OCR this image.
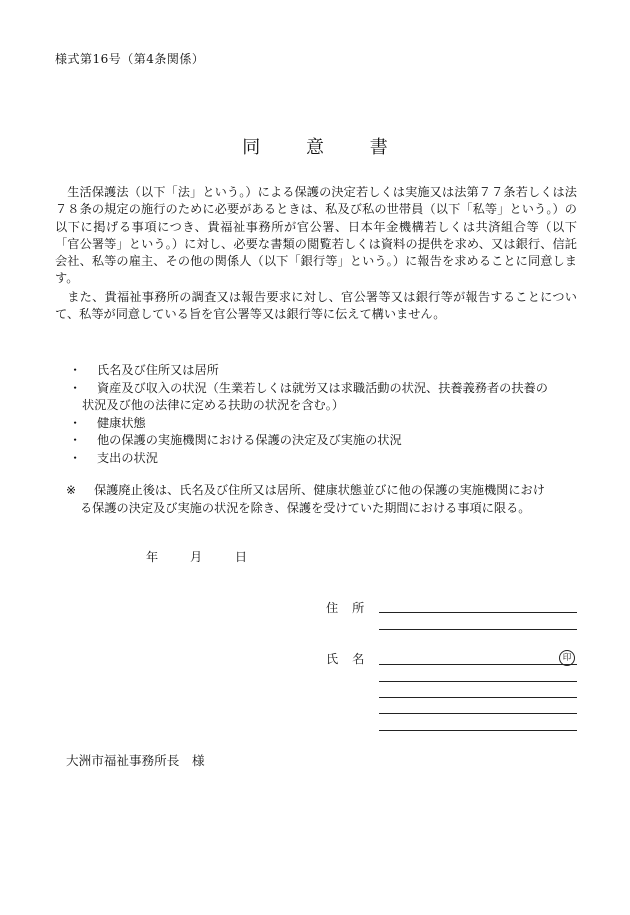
様式第16号（第4条関係）
同 意 書
生活保護法（以下「法」という。）による保護の決定若しくは実施又は法第７７条若しくは法７８条の規定の施行のために必要があるときは、私及び私の世帯員（以下「私等」という。）の以下に掲げる事項につき、貴福祉事務所が官公署、日本年金機構若しくは共済組合等（以下「官公署等」という。）に対し、必要な書類の閲覧若しくは資料の提供を求め、又は銀行、信託会社、私等の雇主、その他の関係人（以下「銀行等」という。）に報告を求めることに同意します。
また、貴福祉事務所の調査又は報告要求に対し、官公署等又は銀行等が報告することについて、私等が同意している旨を官公署等又は銀行等に伝えて構いません。
・ 氏名及び住所又は居所
・ 資産及び収入の状況（生業若しくは就労又は求職活動の状況、扶養義務者の扶養の
状況及び他の法律に定める扶助の状況を含む。）
・ 健康状態
・ 他の保護の実施機関における保護の決定及び実施の状況
・ 支出の状況
※	保護廃止後は、氏名及び住所又は居所、健康状態並びに他の保護の実施機関におけ
る保護の決定及び実施の状況を除き、保護を受けていた期間における事項に限る。
年	月	日
住所
氏名	印
大洲市福祉事務所長　様
